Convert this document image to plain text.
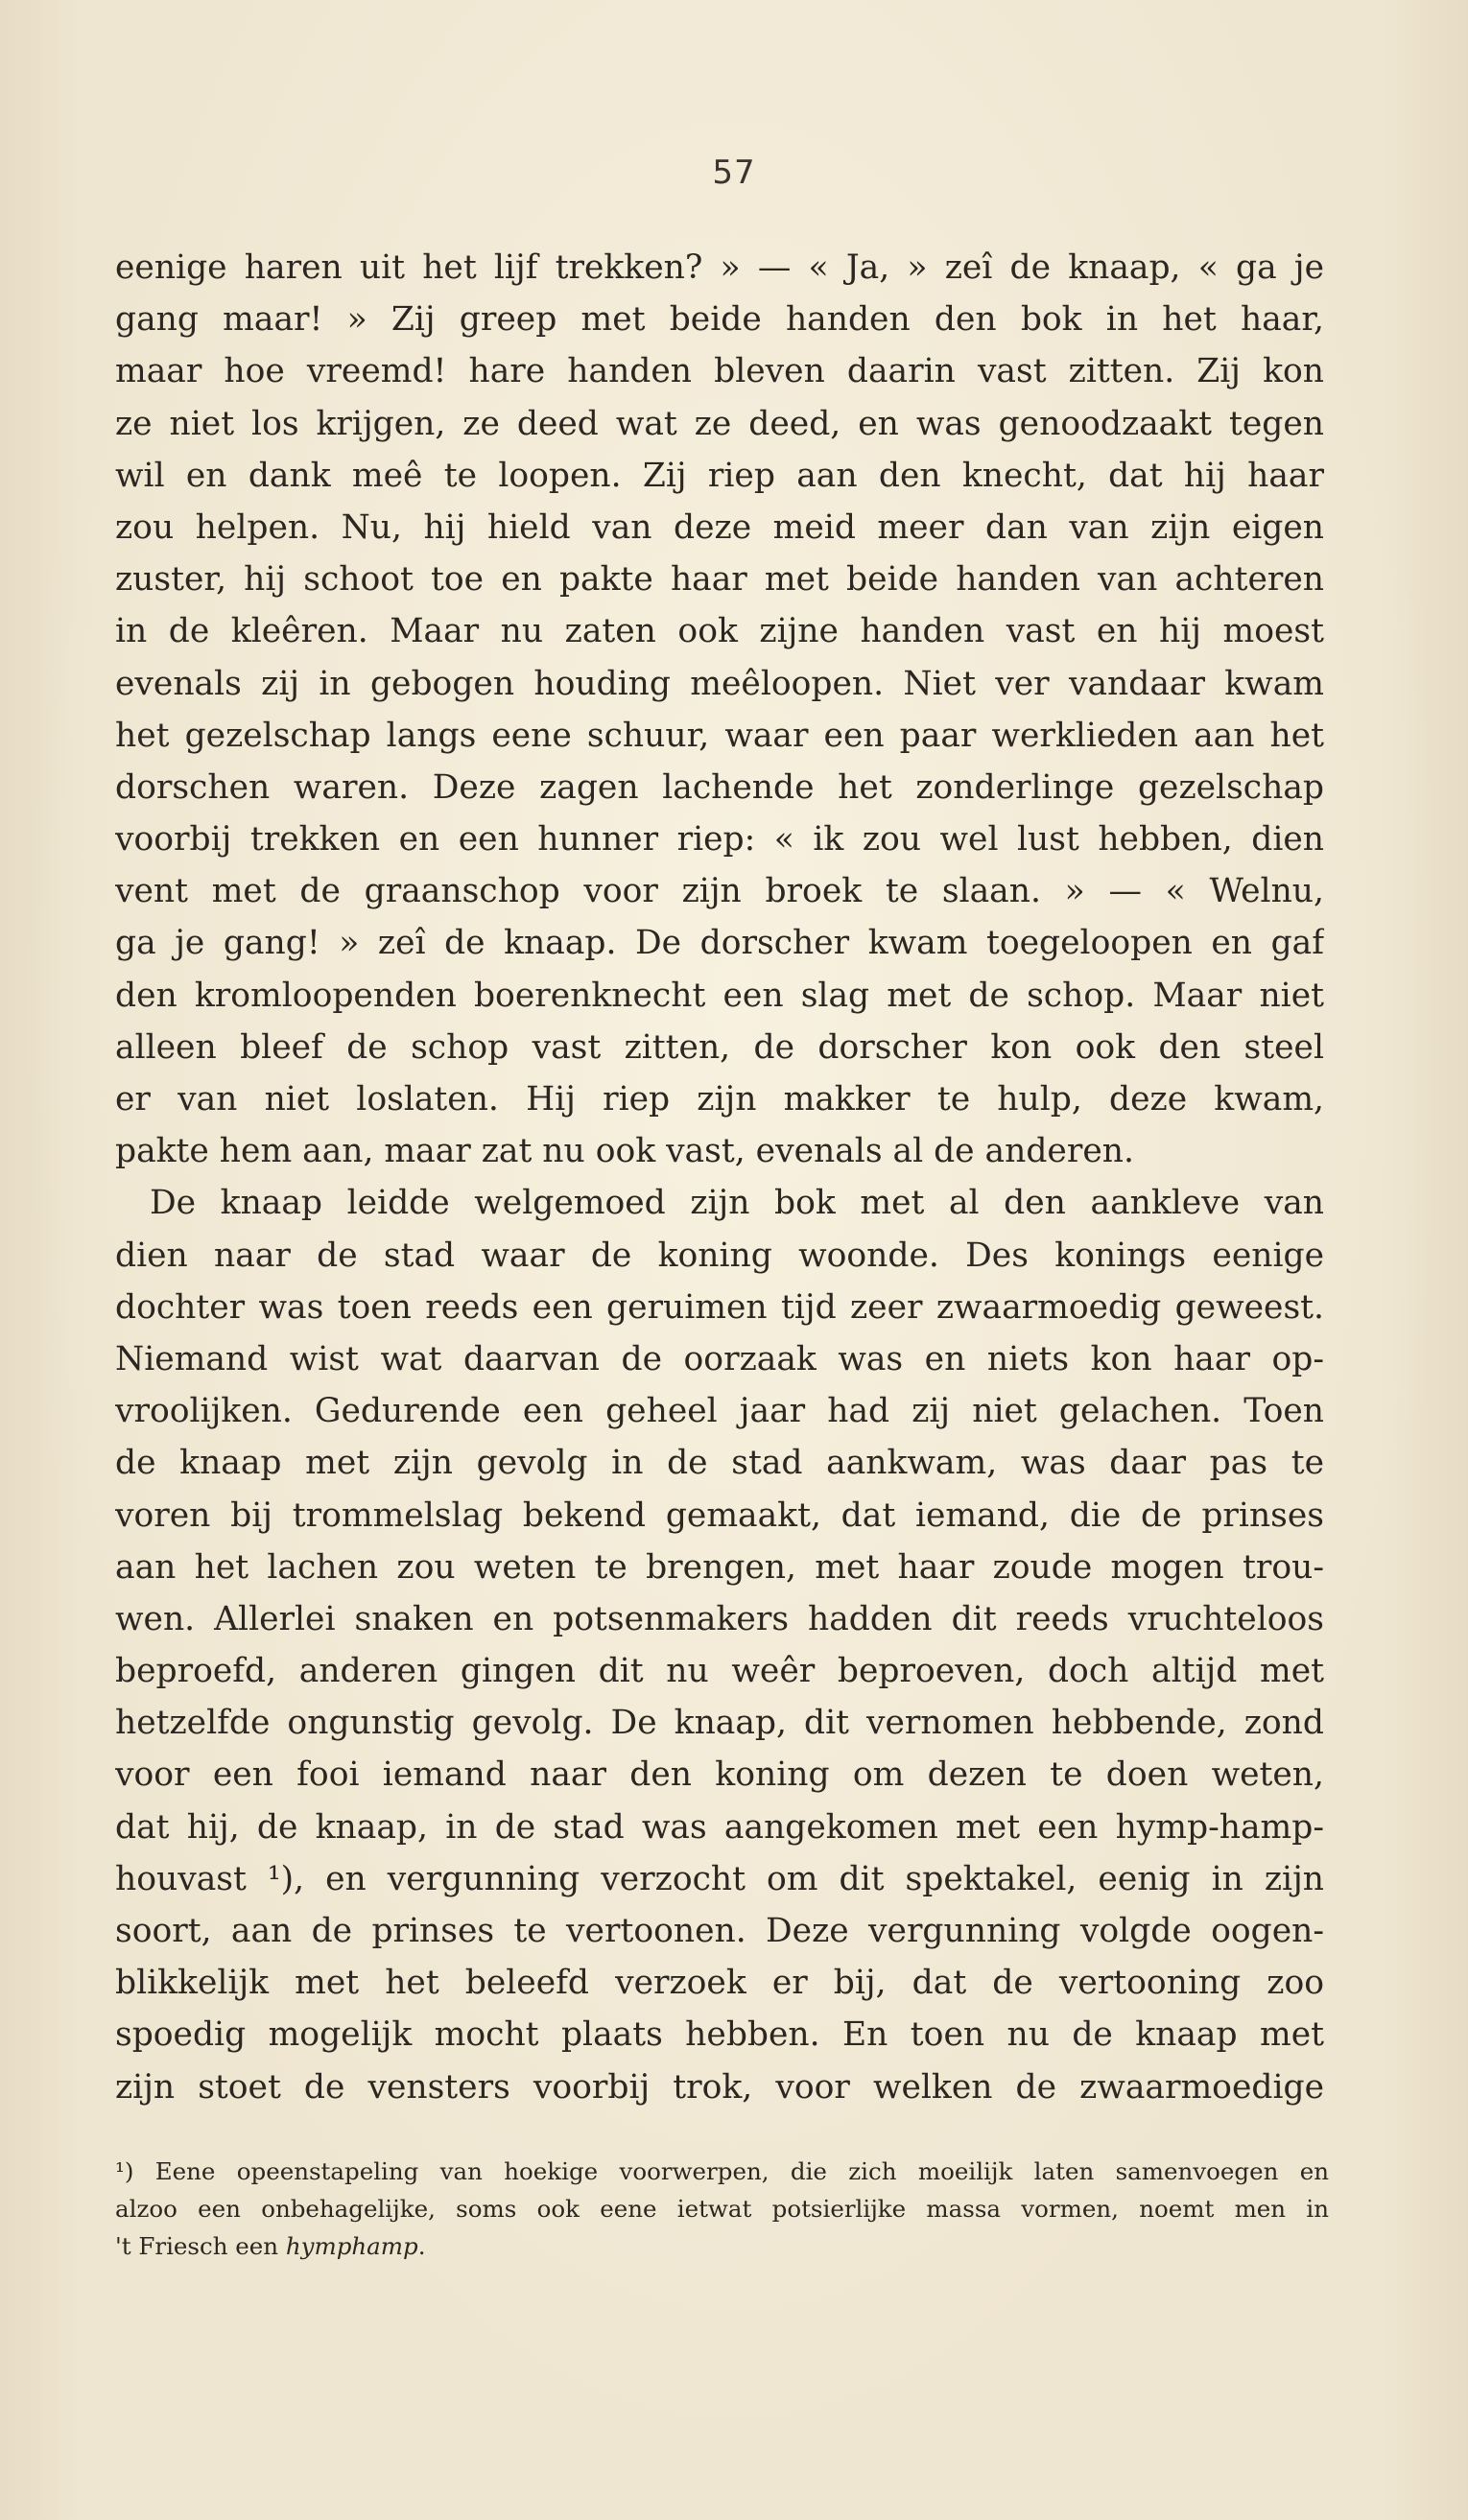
57
eenige haren uit het lijf trekken? » — « Ja, » zeî de knaap, « ga je
gang maar! » Zij greep met beide handen den bok in het haar,
maar hoe vreemd! hare handen bleven daarin vast zitten. Zij kon
ze niet los krijgen, ze deed wat ze deed, en was genoodzaakt tegen
wil en dank meê te loopen. Zij riep aan den knecht, dat hij haar
zou helpen. Nu, hij hield van deze meid meer dan van zijn eigen
zuster, hij schoot toe en pakte haar met beide handen van achteren
in de kleêren. Maar nu zaten ook zijne handen vast en hij moest
evenals zij in gebogen houding meêloopen. Niet ver vandaar kwam
het gezelschap langs eene schuur, waar een paar werklieden aan het
dorschen waren. Deze zagen lachende het zonderlinge gezelschap
voorbij trekken en een hunner riep: « ik zou wel lust hebben, dien
vent met de graanschop voor zijn broek te slaan. » — « Welnu,
ga je gang! » zeî de knaap. De dorscher kwam toegeloopen en gaf
den kromloopenden boerenknecht een slag met de schop. Maar niet
alleen bleef de schop vast zitten, de dorscher kon ook den steel
er van niet loslaten. Hij riep zijn makker te hulp, deze kwam,
pakte hem aan, maar zat nu ook vast, evenals al de anderen.
De knaap leidde welgemoed zijn bok met al den aankleve van
dien naar de stad waar de koning woonde. Des konings eenige
dochter was toen reeds een geruimen tijd zeer zwaarmoedig geweest.
Niemand wist wat daarvan de oorzaak was en niets kon haar op-
vroolijken. Gedurende een geheel jaar had zij niet gelachen. Toen
de knaap met zijn gevolg in de stad aankwam, was daar pas te
voren bij trommelslag bekend gemaakt, dat iemand, die de prinses
aan het lachen zou weten te brengen, met haar zoude mogen trou-
wen. Allerlei snaken en potsenmakers hadden dit reeds vruchteloos
beproefd, anderen gingen dit nu weêr beproeven, doch altijd met
hetzelfde ongunstig gevolg. De knaap, dit vernomen hebbende, zond
voor een fooi iemand naar den koning om dezen te doen weten,
dat hij, de knaap, in de stad was aangekomen met een hymp-hamp-
houvast ¹), en vergunning verzocht om dit spektakel, eenig in zijn
soort, aan de prinses te vertoonen. Deze vergunning volgde oogen-
blikkelijk met het beleefd verzoek er bij, dat de vertooning zoo
spoedig mogelijk mocht plaats hebben. En toen nu de knaap met
zijn stoet de vensters voorbij trok, voor welken de zwaarmoedige
¹) Eene opeenstapeling van hoekige voorwerpen, die zich moeilijk laten samenvoegen en
alzoo een onbehagelijke, soms ook eene ietwat potsierlijke massa vormen, noemt men in
't Friesch een hymphamp.
